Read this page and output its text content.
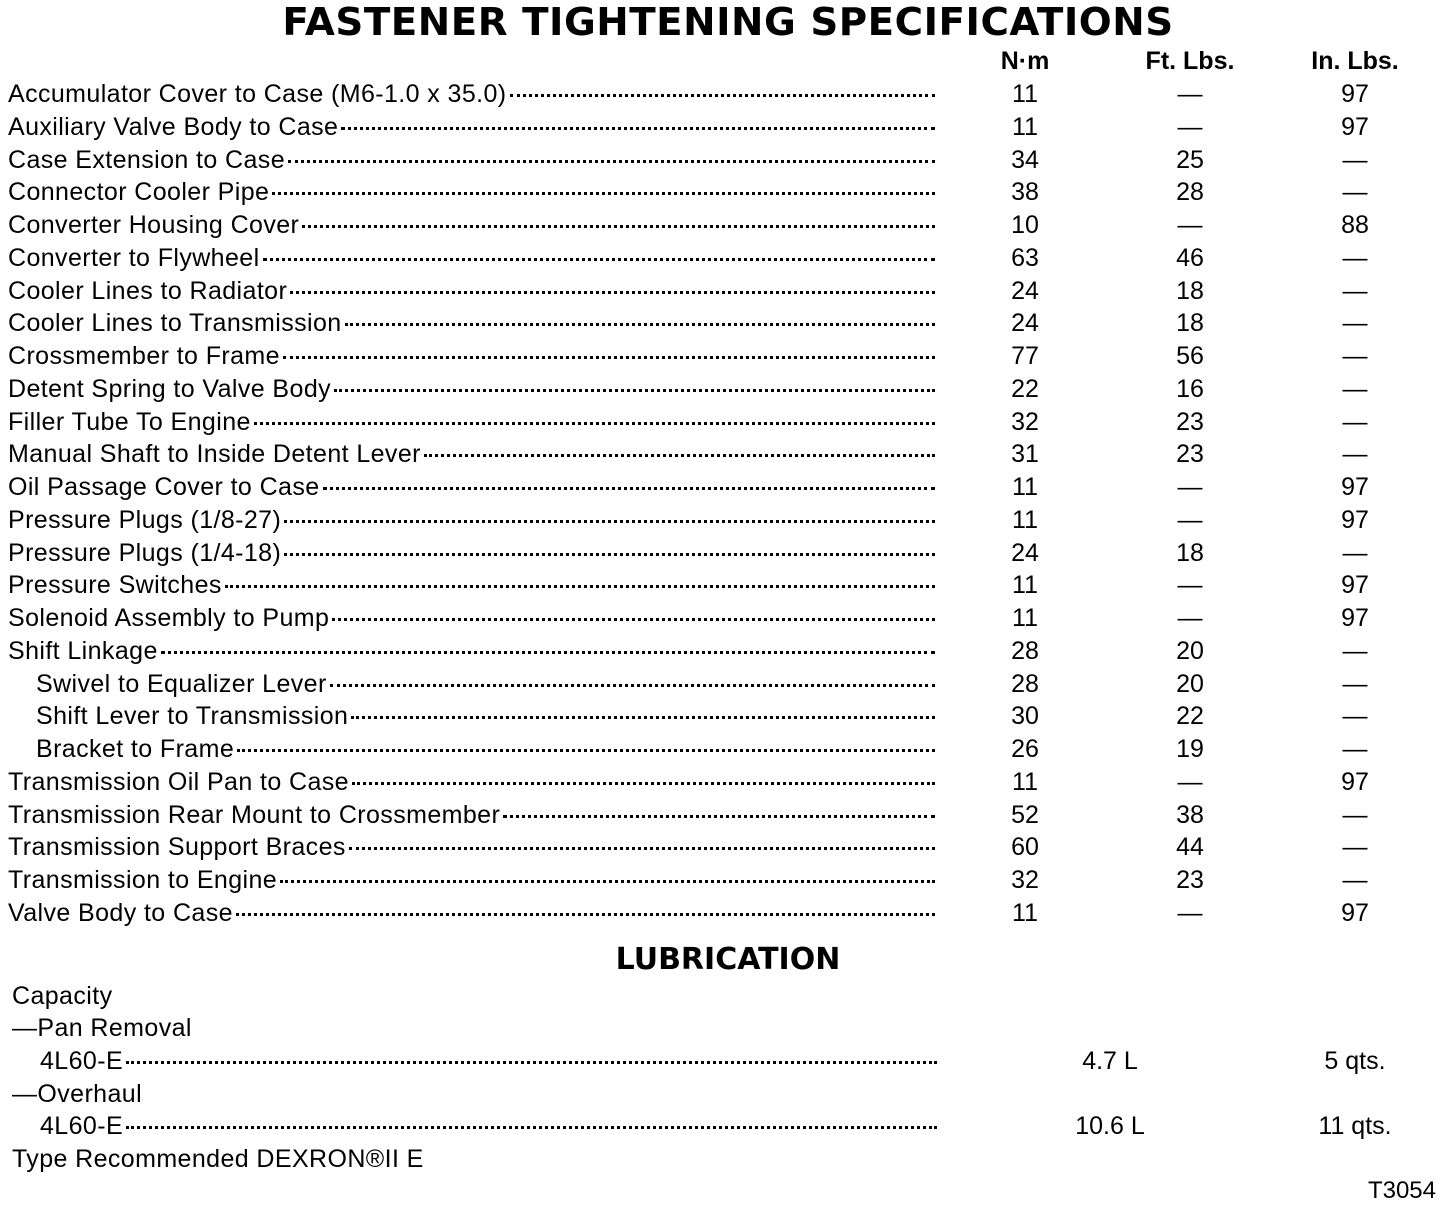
FASTENER TIGHTENING SPECIFICATIONS
N·m	Ft. Lbs.	In. Lbs.
Accumulator Cover to Case (M6-1.0 x 35.0)	11	—	97
Auxiliary Valve Body to Case	11	—	97
Case Extension to Case	34	25	—
Connector Cooler Pipe	38	28	—
Converter Housing Cover	10	—	88
Converter to Flywheel	63	46	—
Cooler Lines to Radiator	24	18	—
Cooler Lines to Transmission	24	18	—
Crossmember to Frame	77	56	—
Detent Spring to Valve Body	22	16	—
Filler Tube To Engine	32	23	—
Manual Shaft to Inside Detent Lever	31	23	—
Oil Passage Cover to Case	11	—	97
Pressure Plugs (1/8-27)	11	—	97
Pressure Plugs (1/4-18)	24	18	—
Pressure Switches	11	—	97
Solenoid Assembly to Pump	11	—	97
Shift Linkage	28	20	—
Swivel to Equalizer Lever	28	20	—
Shift Lever to Transmission	30	22	—
Bracket to Frame	26	19	—
Transmission Oil Pan to Case	11	—	97
Transmission Rear Mount to Crossmember	52	38	—
Transmission Support Braces	60	44	—
Transmission to Engine	32	23	—
Valve Body to Case	11	—	97
LUBRICATION
Capacity
—Pan Removal
4L60-E	4.7 L	5 qts.
—Overhaul
4L60-E	10.6 L	11 qts.
Type Recommended DEXRON®II E
T3054
